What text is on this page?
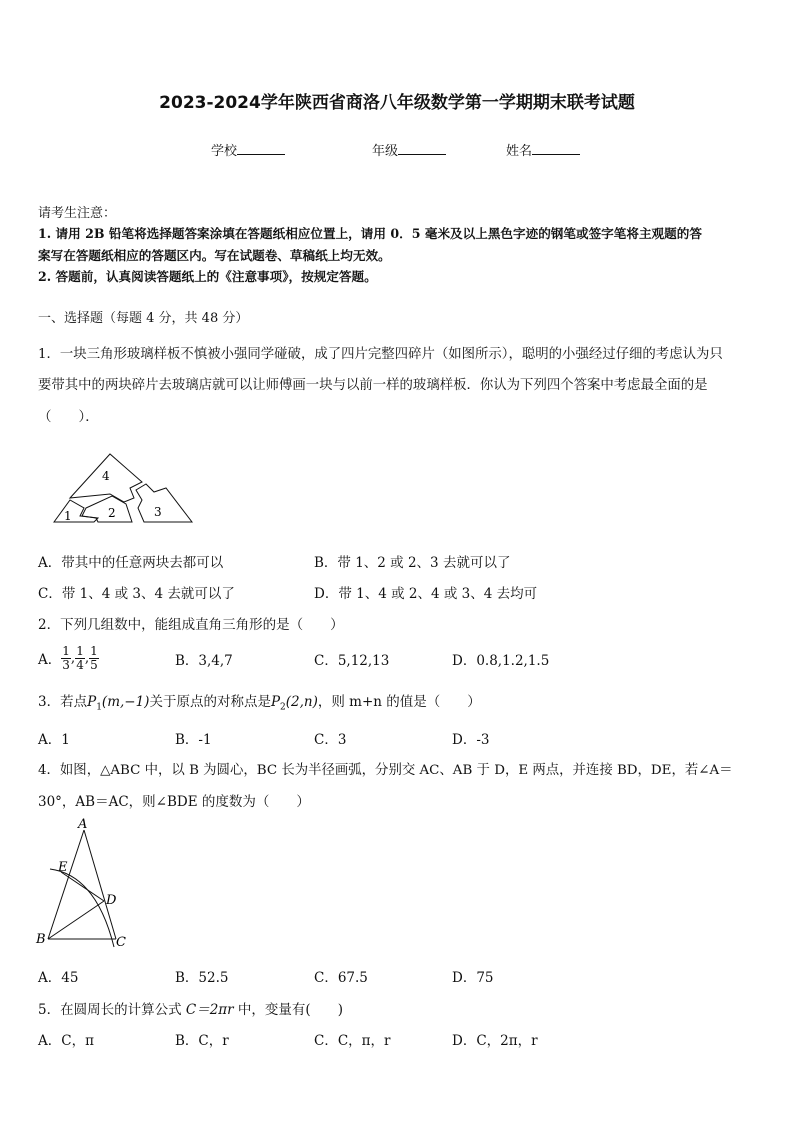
2023-2024学年陕西省商洛八年级数学第一学期期末联考试题
学校	年级	姓名
请考生注意：
1. 请用 2B 铅笔将选择题答案涂填在答题纸相应位置上，请用 0．5 毫米及以上黑色字迹的钢笔或签字笔将主观题的答
案写在答题纸相应的答题区内。写在试题卷、草稿纸上均无效。
2. 答题前，认真阅读答题纸上的《注意事项》，按规定答题。
一、选择题（每题 4 分，共 48 分）
1．一块三角形玻璃样板不慎被小强同学碰破，成了四片完整四碎片（如图所示），聪明的小强经过仔细的考虑认为只
要带其中的两块碎片去玻璃店就可以让师傅画一块与以前一样的玻璃样板．你认为下列四个答案中考虑最全面的是
（　　）．
4
1	2	3
A．带其中的任意两块去都可以	B．带 1、2 或 2、3 去就可以了
C．带 1、4 或 3、4 去就可以了	D．带 1、4 或 2、4 或 3、4 去均可
2．下列几组数中，能组成直角三角形的是（　　）
A． $\frac{1}{3}$ , $\frac{1}{4}$ , $\frac{1}{5}$	B．3,4,7	C．5,12,13	D．0.8,1.2,1.5
3．若点$P_1(m,-1)$关于原点的对称点是$P_2(2,n)$，则 m+n 的值是（　　）
A．1	B．-1	C．3	D．-3
4．如图，△ABC 中，以 B 为圆心，BC 长为半径画弧，分别交 AC、AB 于 D，E 两点，并连接 BD，DE，若∠A＝
30°，AB＝AC，则∠BDE 的度数为（　　）
A
E
D
B	C
A．45	B．52.5	C．67.5	D．75
5．在圆周长的计算公式 C＝2πr 中，变量有(　　)
A．C，π	B．C，r	C．C，π，r	D．C，2π，r
